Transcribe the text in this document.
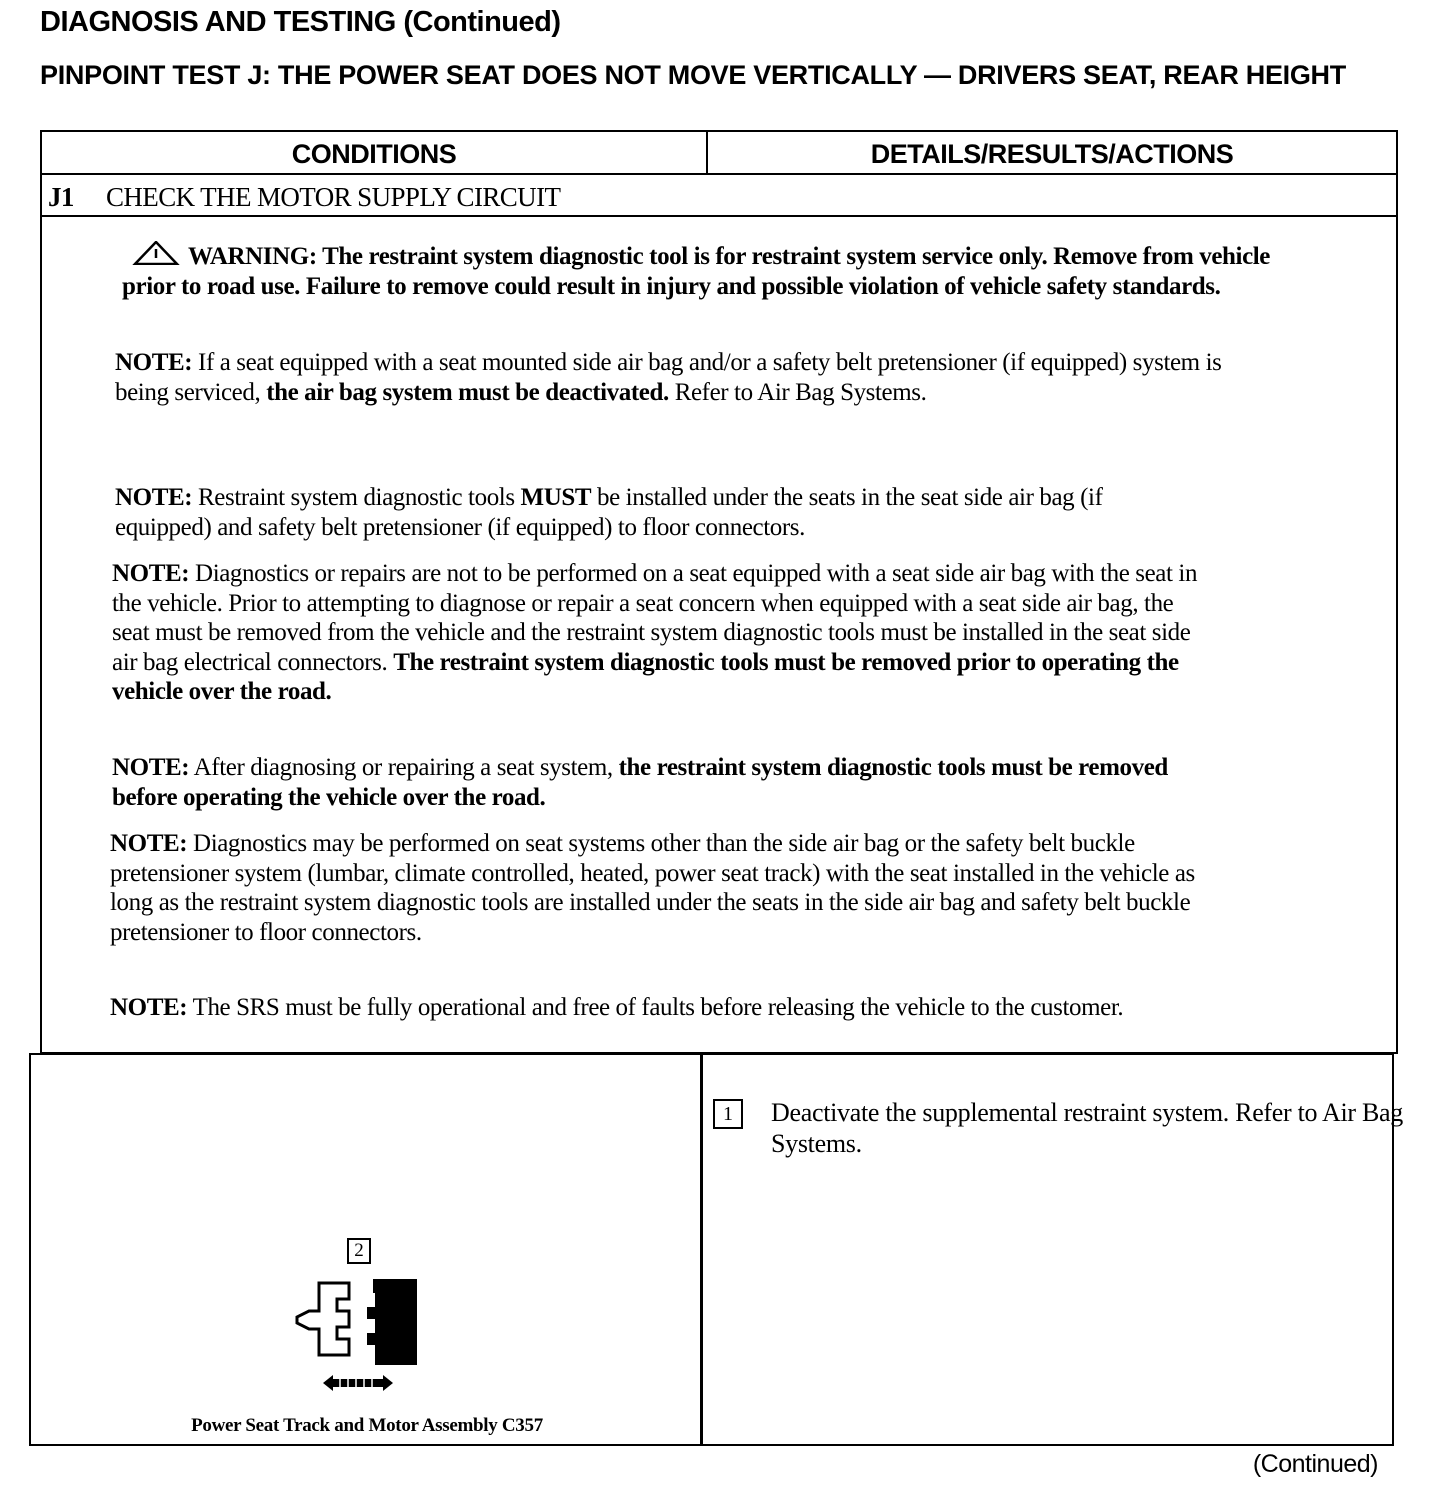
DIAGNOSIS AND TESTING (Continued)
PINPOINT TEST J: THE POWER SEAT DOES NOT MOVE VERTICALLY — DRIVERS SEAT, REAR HEIGHT
CONDITIONS	DETAILS/RESULTS/ACTIONS
J1 CHECK THE MOTOR SUPPLY CIRCUIT
WARNING: The restraint system diagnostic tool is for restraint system service only. Remove from vehicle prior to road use. Failure to remove could result in injury and possible violation of vehicle safety standards.
NOTE: If a seat equipped with a seat mounted side air bag and/or a safety belt pretensioner (if equipped) system is being serviced, the air bag system must be deactivated. Refer to Air Bag Systems.
NOTE: Restraint system diagnostic tools MUST be installed under the seats in the seat side air bag (if equipped) and safety belt pretensioner (if equipped) to floor connectors.
NOTE: Diagnostics or repairs are not to be performed on a seat equipped with a seat side air bag with the seat in the vehicle. Prior to attempting to diagnose or repair a seat concern when equipped with a seat side air bag, the seat must be removed from the vehicle and the restraint system diagnostic tools must be installed in the seat side air bag electrical connectors. The restraint system diagnostic tools must be removed prior to operating the vehicle over the road.
NOTE: After diagnosing or repairing a seat system, the restraint system diagnostic tools must be removed before operating the vehicle over the road.
NOTE: Diagnostics may be performed on seat systems other than the side air bag or the safety belt buckle pretensioner system (lumbar, climate controlled, heated, power seat track) with the seat installed in the vehicle as long as the restraint system diagnostic tools are installed under the seats in the side air bag and safety belt buckle pretensioner to floor connectors.
NOTE: The SRS must be fully operational and free of faults before releasing the vehicle to the customer.
2
Power Seat Track and Motor Assembly C357
1	Deactivate the supplemental restraint system. Refer to Air Bag Systems.
(Continued)
